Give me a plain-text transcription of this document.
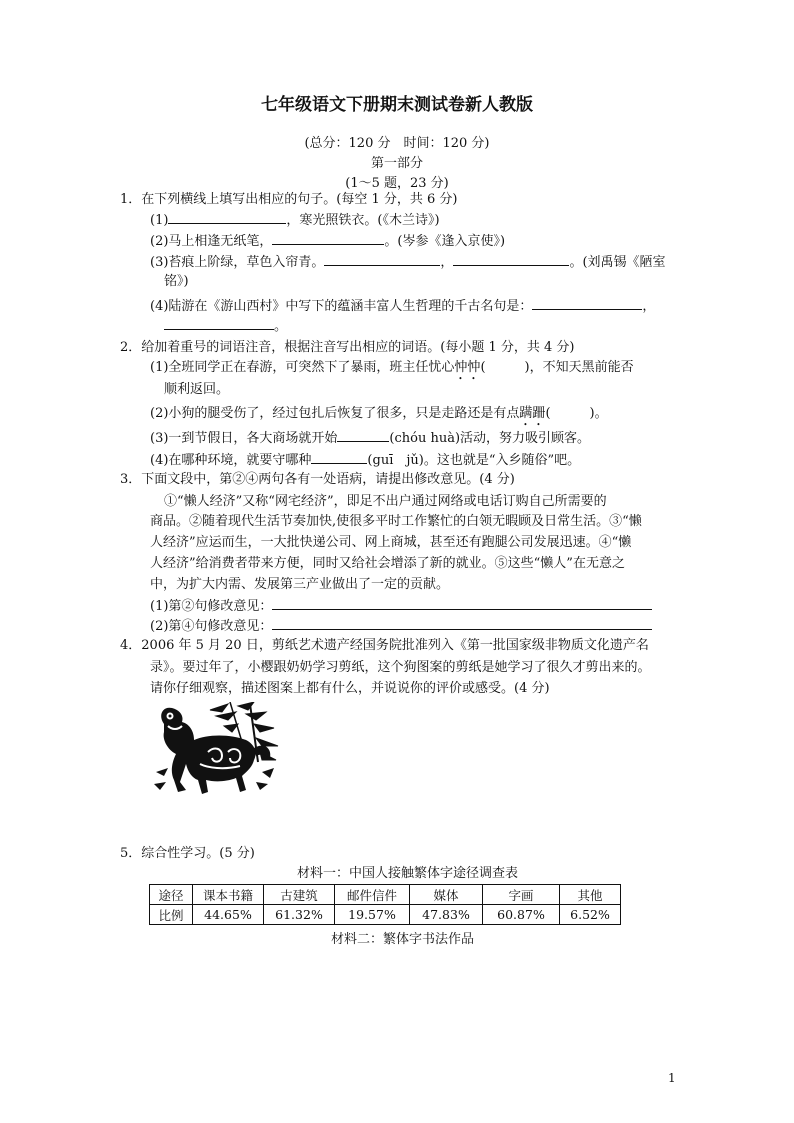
七年级语文下册期末测试卷新人教版
(总分：120 分　时间：120 分)
第一部分
(1～5 题，23 分)
1．在下列横线上填写出相应的句子。(每空 1 分，共 6 分)
(1)	，寒光照铁衣。(《木兰诗》)
(2)马上相逢无纸笔，	。(岑参《逢入京使》)
(3)苔痕上阶绿，草色入帘青。	，	。(刘禹锡《陋室
铭》)
(4)陆游在《游山西村》中写下的蕴涵丰富人生哲理的千古名句是：	，
。
2．给加着重号的词语注音，根据注音写出相应的词语。(每小题 1 分，共 4 分)
(1)全班同学正在春游，可突然下了暴雨，班主任忧心忡忡(　　　)，不知天黑前能否
顺利返回。
(2)小狗的腿受伤了，经过包扎后恢复了很多，只是走路还是有点蹒跚(　　　)。
(3)一到节假日，各大商场就开始	(chóu huà)活动，努力吸引顾客。
(4)在哪种环境，就要守哪种	(guī　jǔ)。这也就是“入乡随俗”吧。
3．下面文段中，第②④两句各有一处语病，请提出修改意见。(4 分)
①“懒人经济”又称“网宅经济”，即足不出户通过网络或电话订购自己所需要的
商品。②随着现代生活节奏加快,使很多平时工作繁忙的白领无暇顾及日常生活。③“懒
人经济”应运而生，一大批快递公司、网上商城，甚至还有跑腿公司发展迅速。④“懒
人经济”给消费者带来方便，同时又给社会增添了新的就业。⑤这些“懒人”在无意之
中，为扩大内需、发展第三产业做出了一定的贡献。
(1)第②句修改意见：
(2)第④句修改意见：
4．2006 年 5 月 20 日，剪纸艺术遗产经国务院批准列入《第一批国家级非物质文化遗产名
录》。要过年了，小樱跟奶奶学习剪纸，这个狗图案的剪纸是她学习了很久才剪出来的。
请你仔细观察，描述图案上都有什么，并说说你的评价或感受。(4 分)
5．综合性学习。(5 分)
材料一：中国人接触繁体字途径调查表
途径	课本书籍	古建筑	邮件信件	媒体	字画	其他
比例	44.65%	61.32%	19.57%	47.83%	60.87%	6.52%
材料二：繁体字书法作品
1
